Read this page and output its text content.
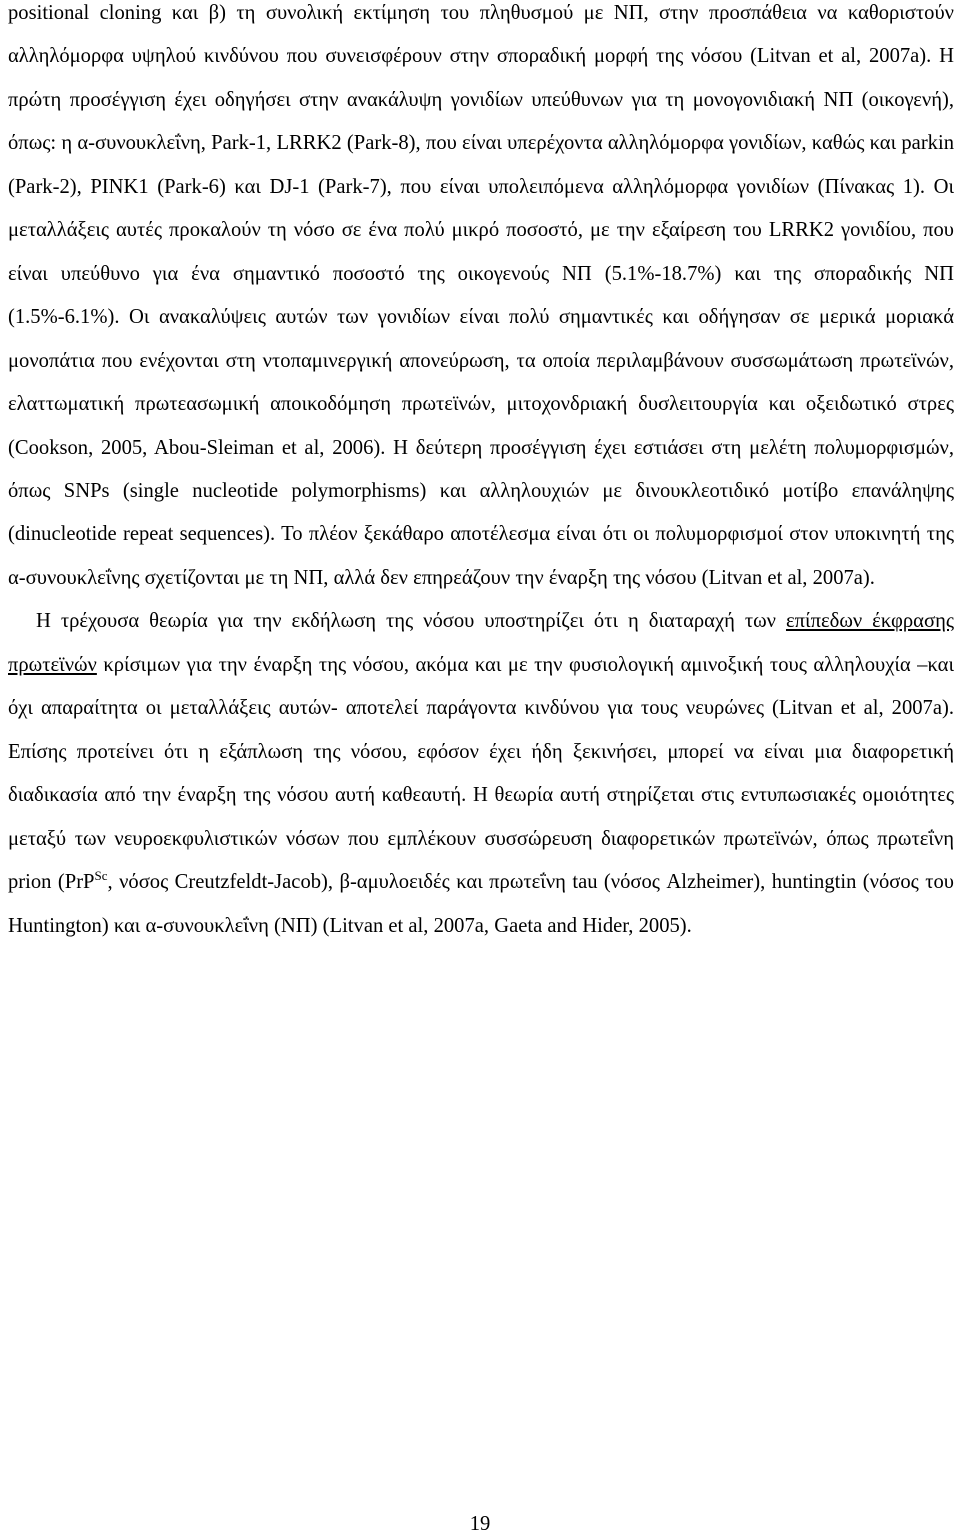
positional cloning και β) τη συνολική εκτίμηση του πληθυσμού με ΝΠ, στην προσπάθεια να καθοριστούν αλληλόμορφα υψηλού κινδύνου που συνεισφέρουν στην σποραδική μορφή της νόσου (Litvan et al, 2007a). Η πρώτη προσέγγιση έχει οδηγήσει στην ανακάλυψη γονιδίων υπεύθυνων για τη μονογονιδιακή ΝΠ (οικογενή), όπως: η α-συνουκλεΐνη, Park-1, LRRK2 (Park-8), που είναι υπερέχοντα αλληλόμορφα γονιδίων, καθώς και parkin (Park-2), PINK1 (Park-6) και DJ-1 (Park-7), που είναι υπολειπόμενα αλληλόμορφα γονιδίων (Πίνακας 1). Οι μεταλλάξεις αυτές προκαλούν τη νόσο σε ένα πολύ μικρό ποσοστό, με την εξαίρεση του LRRK2 γονιδίου, που είναι υπεύθυνο για ένα σημαντικό ποσοστό της οικογενούς ΝΠ (5.1%-18.7%) και της σποραδικής ΝΠ (1.5%-6.1%). Οι ανακαλύψεις αυτών των γονιδίων είναι πολύ σημαντικές και οδήγησαν σε μερικά μοριακά μονοπάτια που ενέχονται στη ντοπαμινεργική απονεύρωση, τα οποία περιλαμβάνουν συσσωμάτωση πρωτεϊνών, ελαττωματική πρωτεασωμική αποικοδόμηση πρωτεϊνών, μιτοχονδριακή δυσλειτουργία και οξειδωτικό στρες (Cookson, 2005, Abou-Sleiman et al, 2006). Η δεύτερη προσέγγιση έχει εστιάσει στη μελέτη πολυμορφισμών, όπως SNPs (single nucleotide polymorphisms) και αλληλουχιών με δινουκλεοτιδικό μοτίβο επανάληψης (dinucleotide repeat sequences). Το πλέον ξεκάθαρο αποτέλεσμα είναι ότι οι πολυμορφισμοί στον υποκινητή της α-συνουκλεΐνης σχετίζονται με τη ΝΠ, αλλά δεν επηρεάζουν την έναρξη της νόσου (Litvan et al, 2007a).

Η τρέχουσα θεωρία για την εκδήλωση της νόσου υποστηρίζει ότι η διαταραχή των επίπεδων έκφρασης πρωτεϊνών κρίσιμων για την έναρξη της νόσου, ακόμα και με την φυσιολογική αμινοξική τους αλληλουχία –και όχι απαραίτητα οι μεταλλάξεις αυτών- αποτελεί παράγοντα κινδύνου για τους νευρώνες (Litvan et al, 2007a). Επίσης προτείνει ότι η εξάπλωση της νόσου, εφόσον έχει ήδη ξεκινήσει, μπορεί να είναι μια διαφορετική διαδικασία από την έναρξη της νόσου αυτή καθεαυτή. Η θεωρία αυτή στηρίζεται στις εντυπωσιακές ομοιότητες μεταξύ των νευροεκφυλιστικών νόσων που εμπλέκουν συσσώρευση διαφορετικών πρωτεϊνών, όπως πρωτεΐνη prion (PrP$^{Sc}$, νόσος Creutzfeldt-Jacob), β-αμυλοειδές και πρωτεΐνη tau (νόσος Alzheimer), huntingtin (νόσος του Huntington) και α-συνουκλεΐνη (ΝΠ) (Litvan et al, 2007a, Gaeta and Hider, 2005).

19
